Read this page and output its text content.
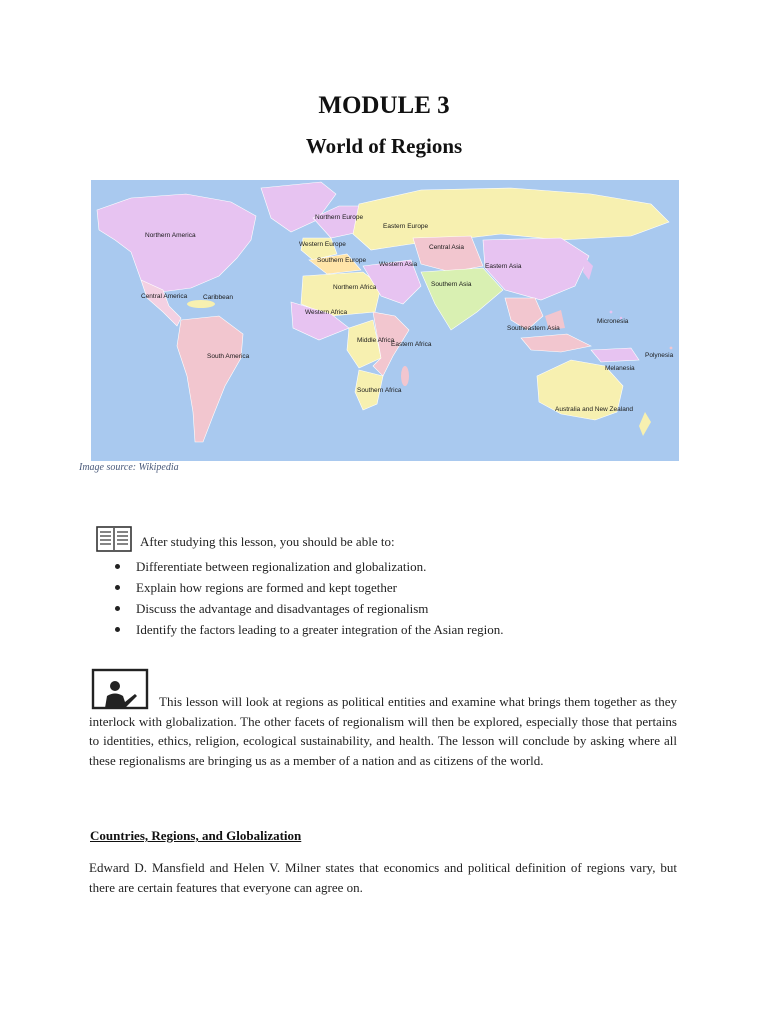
MODULE 3
World of Regions
Northern America
Central America Caribbean
South America
Northern Europe
Western Europe
Southern Europe
Eastern Europe
Northern Africa
Western Africa
Middle Africa
Eastern Africa
Southern Africa
Western Asia
Central Asia
Southern Asia
Eastern Asia
Southeastern Asia
Micronesia
Melanesia
Polynesia
Australia and New Zealand
Image source: Wikipedia
After studying this lesson, you should be able to:
Differentiate between regionalization and globalization.
Explain how regions are formed and kept together
Discuss the advantage and disadvantages of regionalism
Identify the factors leading to a greater integration of the Asian region.

This lesson will look at regions as political entities and examine what brings them together as they interlock with globalization. The other facets of regionalism will then be explored, especially those that pertains to identities, ethics, religion, ecological sustainability, and health. The lesson will conclude by asking where all these regionalisms are bringing us as a member of a nation and as citizens of the world.

Countries, Regions, and Globalization

Edward D. Mansfield and Helen V. Milner states that economics and political definition of regions vary, but there are certain features that everyone can agree on.
